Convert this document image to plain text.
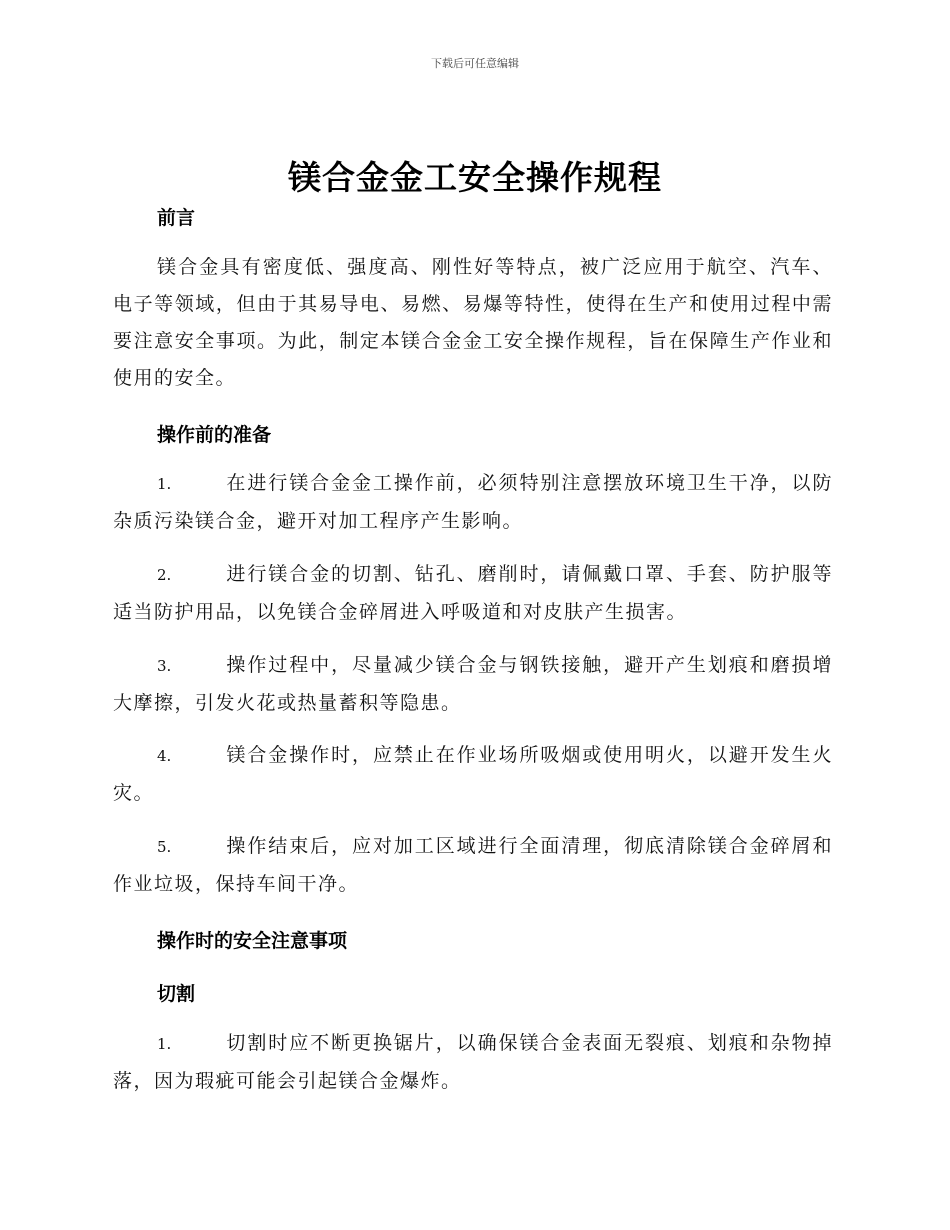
下载后可任意编辑
镁合金金工安全操作规程
前言
镁合金具有密度低、强度高、刚性好等特点，被广泛应用于航空、汽车、电子等领域，但由于其易导电、易燃、易爆等特性，使得在生产和使用过程中需要注意安全事项。为此，制定本镁合金金工安全操作规程，旨在保障生产作业和使用的安全。
操作前的准备
1.	在进行镁合金金工操作前，必须特别注意摆放环境卫生干净，以防杂质污染镁合金，避开对加工程序产生影响。
2.	进行镁合金的切割、钻孔、磨削时，请佩戴口罩、手套、防护服等适当防护用品，以免镁合金碎屑进入呼吸道和对皮肤产生损害。
3.	操作过程中，尽量减少镁合金与钢铁接触，避开产生划痕和磨损增大摩擦，引发火花或热量蓄积等隐患。
4.	镁合金操作时，应禁止在作业场所吸烟或使用明火，以避开发生火灾。
5.	操作结束后，应对加工区域进行全面清理，彻底清除镁合金碎屑和作业垃圾，保持车间干净。
操作时的安全注意事项
切割
1.	切割时应不断更换锯片，以确保镁合金表面无裂痕、划痕和杂物掉落，因为瑕疵可能会引起镁合金爆炸。
